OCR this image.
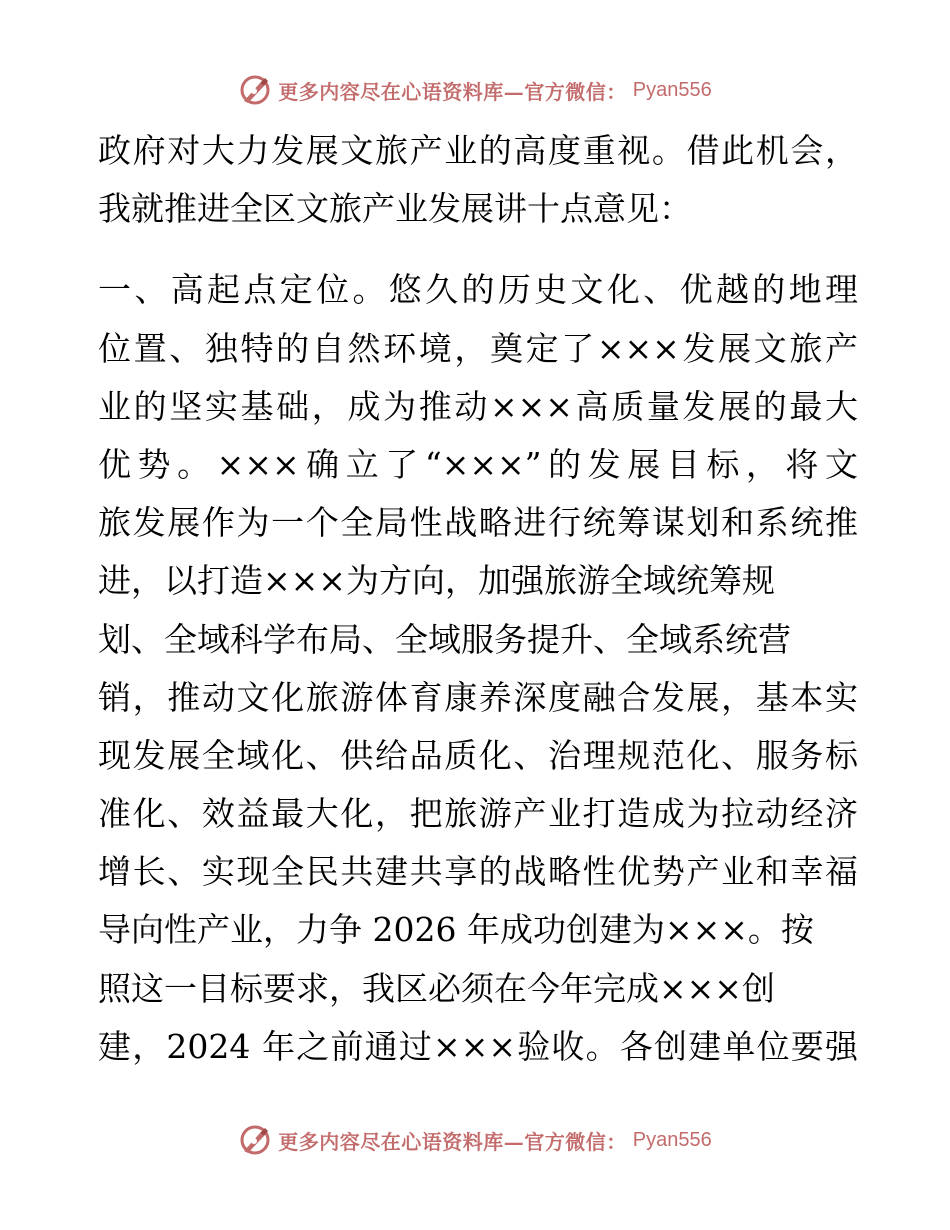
更多内容尽在心语资料库—官方微信： Pyan556
政府对大力发展文旅产业的高度重视。借此机会，
我就推进全区文旅产业发展讲十点意见：
一、高起点定位。悠久的历史文化、优越的地理
位置、独特的自然环境，奠定了×××发展文旅产
业的坚实基础，成为推动×××高质量发展的最大
优势。×××确立了“×××”的发展目标，将文
旅发展作为一个全局性战略进行统筹谋划和系统推
进，以打造×××为方向，加强旅游全域统筹规
划、全域科学布局、全域服务提升、全域系统营
销，推动文化旅游体育康养深度融合发展，基本实
现发展全域化、供给品质化、治理规范化、服务标
准化、效益最大化，把旅游产业打造成为拉动经济
增长、实现全民共建共享的战略性优势产业和幸福
导向性产业，力争 2026 年成功创建为×××。按
照这一目标要求，我区必须在今年完成×××创
建，2024 年之前通过×××验收。各创建单位要强
更多内容尽在心语资料库—官方微信： Pyan556
